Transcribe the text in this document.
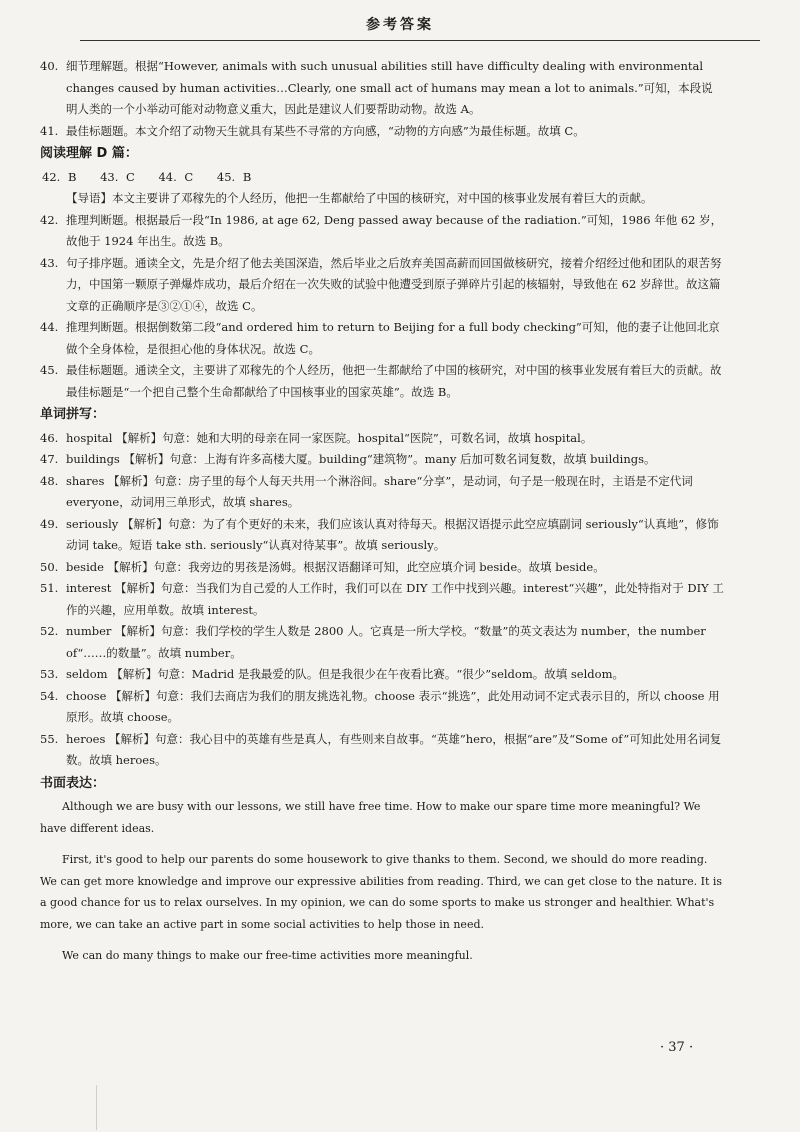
参考答案
40. 细节理解题。根据“However, animals with such unusual abilities still have difficulty dealing with environmental changes caused by human activities…Clearly, one small act of humans may mean a lot to animals.”可知，本段说明人类的一个小举动可能对动物意义重大，因此是建议人们要帮助动物。故选 A。
41. 最佳标题题。本文介绍了动物天生就具有某些不寻常的方向感，“动物的方向感”为最佳标题。故填 C。
阅读理解 D 篇：
42. B 43. C 44. C 45. B
【导语】本文主要讲了邓稼先的个人经历，他把一生都献给了中国的核研究，对中国的核事业发展有着巨大的贡献。
42. 推理判断题。根据最后一段“In 1986, at age 62, Deng passed away because of the radiation.”可知，1986 年他 62 岁，故他于 1924 年出生。故选 B。
43. 句子排序题。通读全文，先是介绍了他去美国深造，然后毕业之后放弃美国高薪而回国做核研究，接着介绍经过他和团队的艰苦努力，中国第一颗原子弹爆炸成功，最后介绍在一次失败的试验中他遭受到原子弹碎片引起的核辐射，导致他在 62 岁辞世。故这篇文章的正确顺序是③②①④，故选 C。
44. 推理判断题。根据倒数第二段“and ordered him to return to Beijing for a full body checking”可知，他的妻子让他回北京做个全身体检，是很担心他的身体状况。故选 C。
45. 最佳标题题。通读全文，主要讲了邓稼先的个人经历，他把一生都献给了中国的核研究，对中国的核事业发展有着巨大的贡献。故最佳标题是“一个把自己整个生命都献给了中国核事业的国家英雄”。故选 B。
单词拼写：
46. hospital 【解析】句意：她和大明的母亲在同一家医院。hospital“医院”，可数名词，故填 hospital。
47. buildings 【解析】句意：上海有许多高楼大厦。building“建筑物”。many 后加可数名词复数，故填 buildings。
48. shares 【解析】句意：房子里的每个人每天共用一个淋浴间。share“分享”，是动词，句子是一般现在时，主语是不定代词 everyone，动词用三单形式，故填 shares。
49. seriously 【解析】句意：为了有个更好的未来，我们应该认真对待每天。根据汉语提示此空应填副词 seriously“认真地”，修饰动词 take。短语 take sth. seriously“认真对待某事”。故填 seriously。
50. beside 【解析】句意：我旁边的男孩是汤姆。根据汉语翻译可知，此空应填介词 beside。故填 beside。
51. interest 【解析】句意：当我们为自己爱的人工作时，我们可以在 DIY 工作中找到兴趣。interest“兴趣”，此处特指对于 DIY 工作的兴趣，应用单数。故填 interest。
52. number 【解析】句意：我们学校的学生人数是 2800 人。它真是一所大学校。“数量”的英文表达为 number，the number of“……的数量”。故填 number。
53. seldom 【解析】句意：Madrid 是我最爱的队。但是我很少在午夜看比赛。“很少”seldom。故填 seldom。
54. choose 【解析】句意：我们去商店为我们的朋友挑选礼物。choose 表示“挑选”，此处用动词不定式表示目的，所以 choose 用原形。故填 choose。
55. heroes 【解析】句意：我心目中的英雄有些是真人，有些则来自故事。“英雄”hero，根据“are”及“Some of”可知此处用名词复数。故填 heroes。
书面表达：

Although we are busy with our lessons, we still have free time. How to make our spare time more meaningful? We have different ideas.

First, it's good to help our parents do some housework to give thanks to them. Second, we should do more reading. We can get more knowledge and improve our expressive abilities from reading. Third, we can get close to the nature. It is a good chance for us to relax ourselves. In my opinion, we can do some sports to make us stronger and healthier. What's more, we can take an active part in some social activities to help those in need.

We can do many things to make our free-time activities more meaningful.

· 37 ·
